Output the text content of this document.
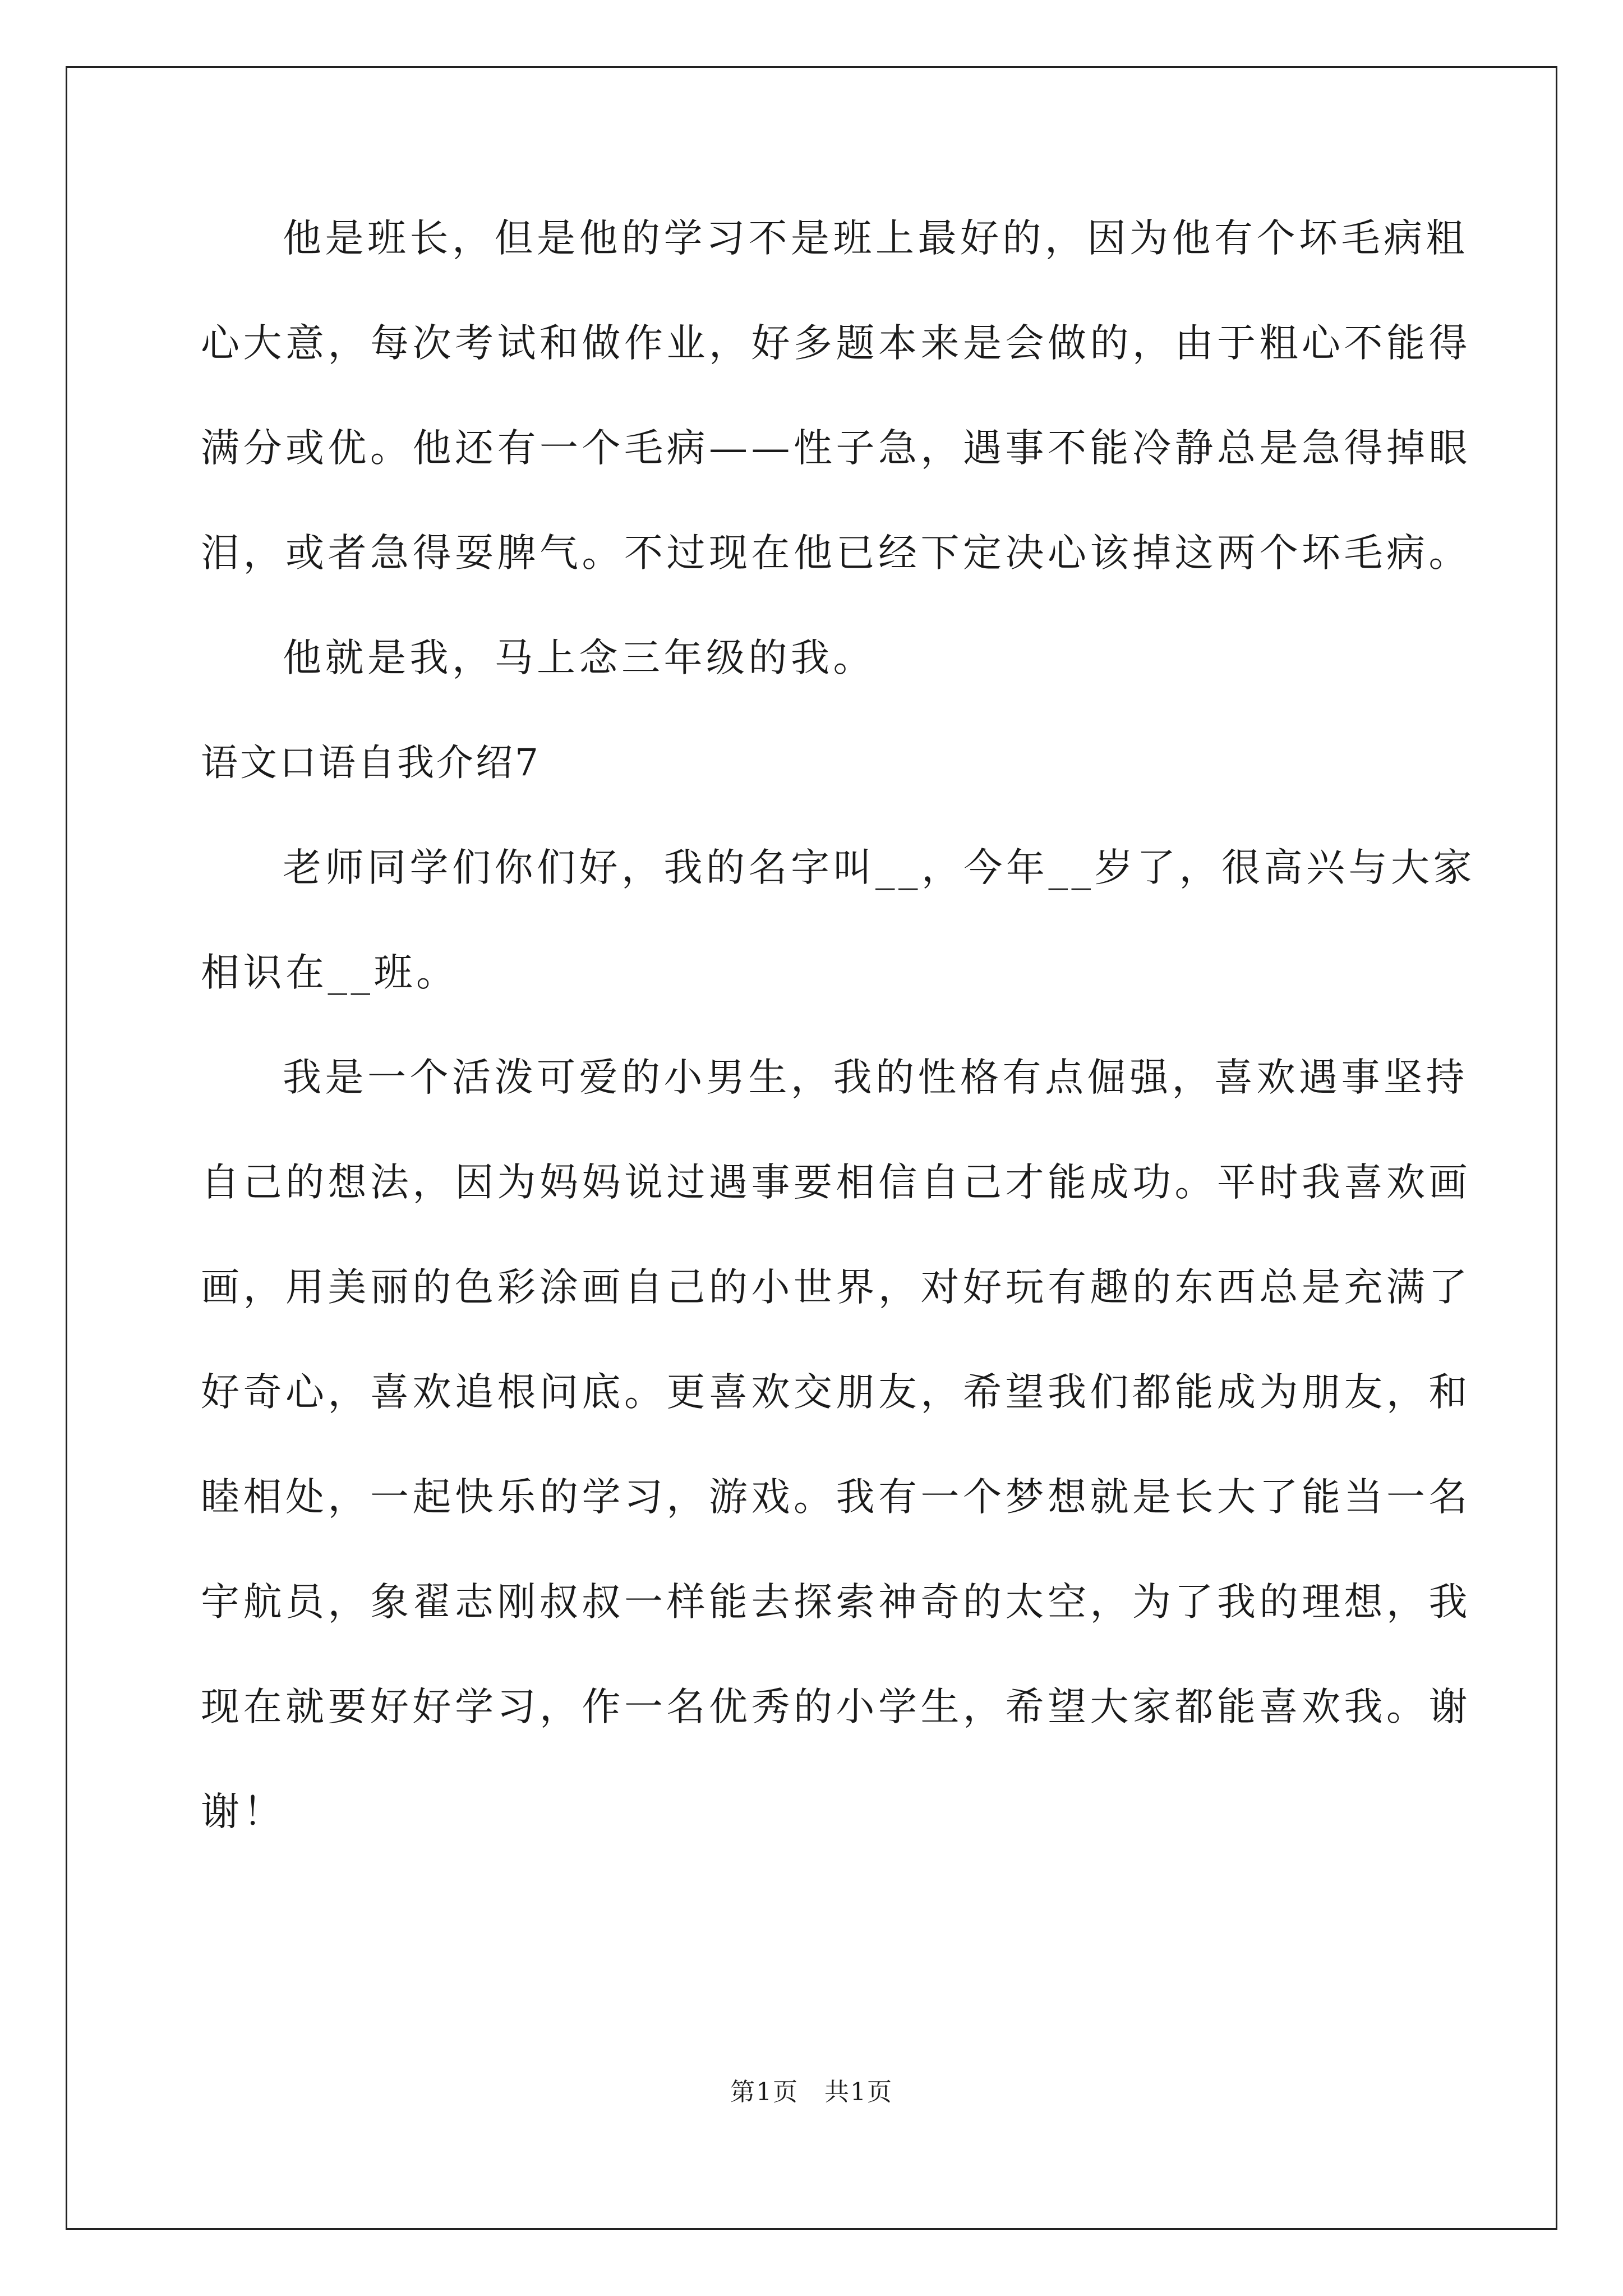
他是班长，但是他的学习不是班上最好的，因为他有个坏毛病粗
心大意，每次考试和做作业，好多题本来是会做的，由于粗心不能得
满分或优。他还有一个毛病——性子急，遇事不能冷静总是急得掉眼
泪，或者急得耍脾气。不过现在他已经下定决心该掉这两个坏毛病。
他就是我，马上念三年级的我。
语文口语自我介绍7
老师同学们你们好，我的名字叫__，今年__岁了，很高兴与大家
相识在__班。
我是一个活泼可爱的小男生，我的性格有点倔强，喜欢遇事坚持
自己的想法，因为妈妈说过遇事要相信自己才能成功。平时我喜欢画
画，用美丽的色彩涂画自己的小世界，对好玩有趣的东西总是充满了
好奇心，喜欢追根问底。更喜欢交朋友，希望我们都能成为朋友，和
睦相处，一起快乐的学习，游戏。我有一个梦想就是长大了能当一名
宇航员，象翟志刚叔叔一样能去探索神奇的太空，为了我的理想，我
现在就要好好学习，作一名优秀的小学生，希望大家都能喜欢我。谢
谢！
第1页　共1页
